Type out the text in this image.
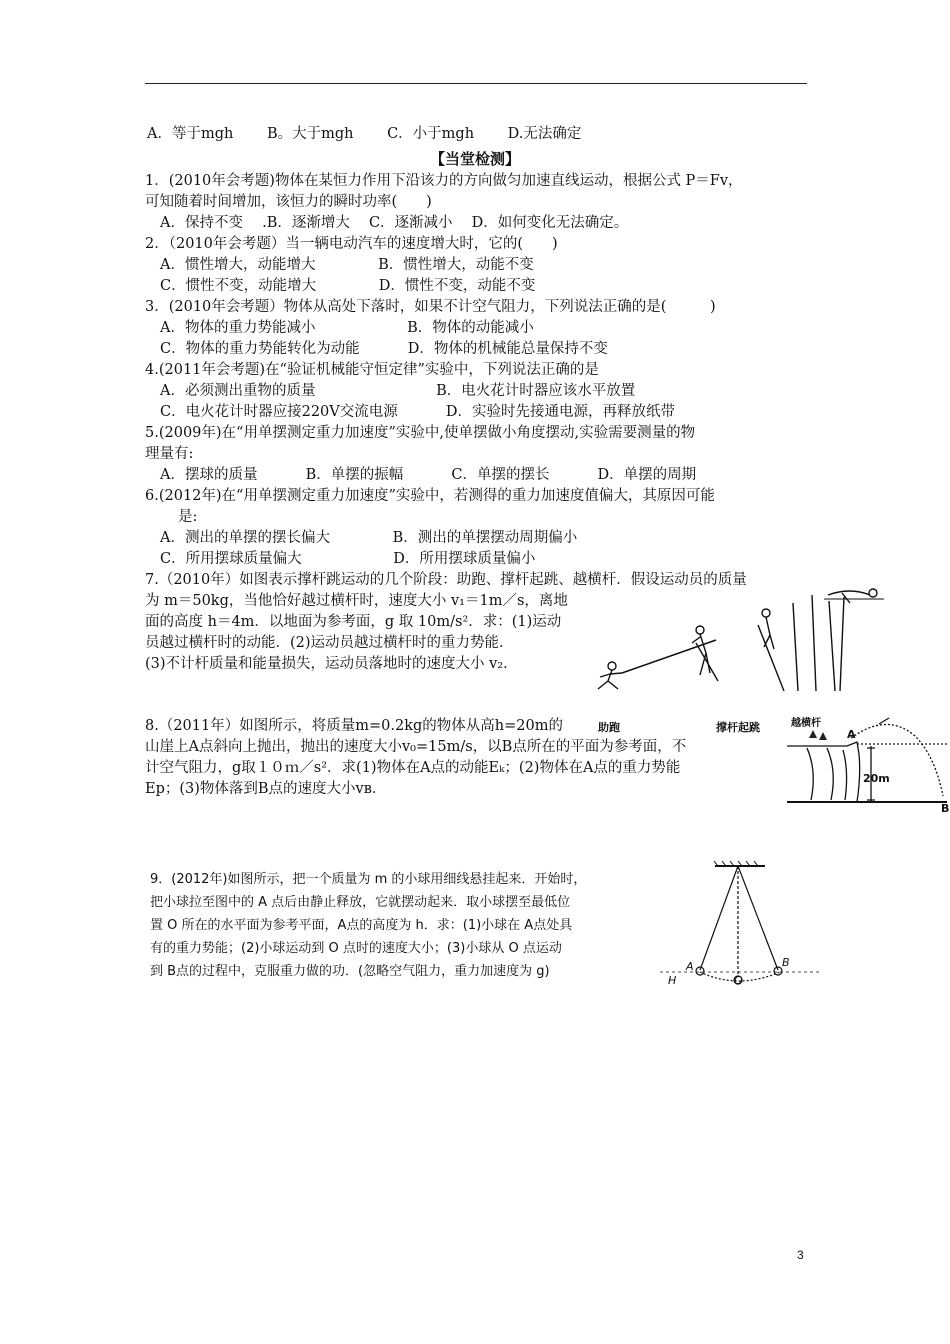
A．等于mgh　　 B。大于mgh　　 C．小于mgh　　 D.无法确定
【当堂检测】
1．(2010年会考题)物体在某恒力作用下沿该力的方向做匀加速直线运动，根据公式 P＝Fv，
可知随着时间增加，该恒力的瞬时功率(　　)
A．保持不变　 .B．逐渐增大　 C．逐渐减小　 D．如何变化无法确定。
2．（2010年会考题）当一辆电动汽车的速度增大时，它的(　　)
A．惯性增大，动能增大　　　　 B．惯性增大，动能不变
C．惯性不变，动能增大　　　　 D．惯性不变，动能不变
3．(2010年会考题）物体从高处下落时，如果不计空气阻力，下列说法正确的是(　　　)
A．物体的重力势能减小　　　　　　 B．物体的动能减小
C．物体的重力势能转化为动能　　　 D．物体的机械能总量保持不变
4.(2011年会考题)在“验证机械能守恒定律”实验中，下列说法正确的是
A．必须测出重物的质量　　　　　　　　 B．电火花计时器应该水平放置
C．电火花计时器应接220V交流电源　　　 D．实验时先接通电源，再释放纸带
5.(2009年)在“用单摆测定重力加速度”实验中,使单摆做小角度摆动,实验需要测量的物
理量有:
A．摆球的质量　　　 B．单摆的振幅　　　 C．单摆的摆长　　　 D．单摆的周期
6.(2012年)在“用单摆测定重力加速度”实验中，若测得的重力加速度值偏大，其原因可能
是:
A．测出的单摆的摆长偏大　　　　 B．测出的单摆摆动周期偏小
C．所用摆球质量偏大　　　　　　 D．所用摆球质量偏小
7.（2010年）如图表示撑杆跳运动的几个阶段：助跑、撑杆起跳、越横杆．假设运动员的质量
为 m＝50kg，当他恰好越过横杆时，速度大小 v₁＝1m／s，离地
面的高度 h＝4m．以地面为参考面，g 取 10m/s²．求：(1)运动
员越过横杆时的动能．(2)运动员越过横杆时的重力势能．
(3)不计杆质量和能量损失，运动员落地时的速度大小 v₂．
8.（2011年）如图所示，将质量m=0.2kg的物体从高h=20m的
山崖上A点斜向上抛出，抛出的速度大小v₀=15m/s，以B点所在的平面为参考面，不
计空气阻力，g取１０ｍ／s²．求(1)物体在A点的动能Eₖ；(2)物体在A点的重力势能
Ep；(3)物体落到B点的速度大小vʙ．
9．(2012年)如图所示，把一个质量为 m 的小球用细线悬挂起来．开始时，
把小球拉至图中的 A 点后由静止释放，它就摆动起来．取小球摆至最低位
置 O 所在的水平面为参考平面，A点的高度为 h．求：(1)小球在 A点处具
有的重力势能；(2)小球运动到 O 点时的速度大小；(3)小球从 O 点运动
到 B点的过程中，克服重力做的功．(忽略空气阻力，重力加速度为 g)
助跑	撑杆起跳	越横杆
A
B
20m
A	B
O
H
3
